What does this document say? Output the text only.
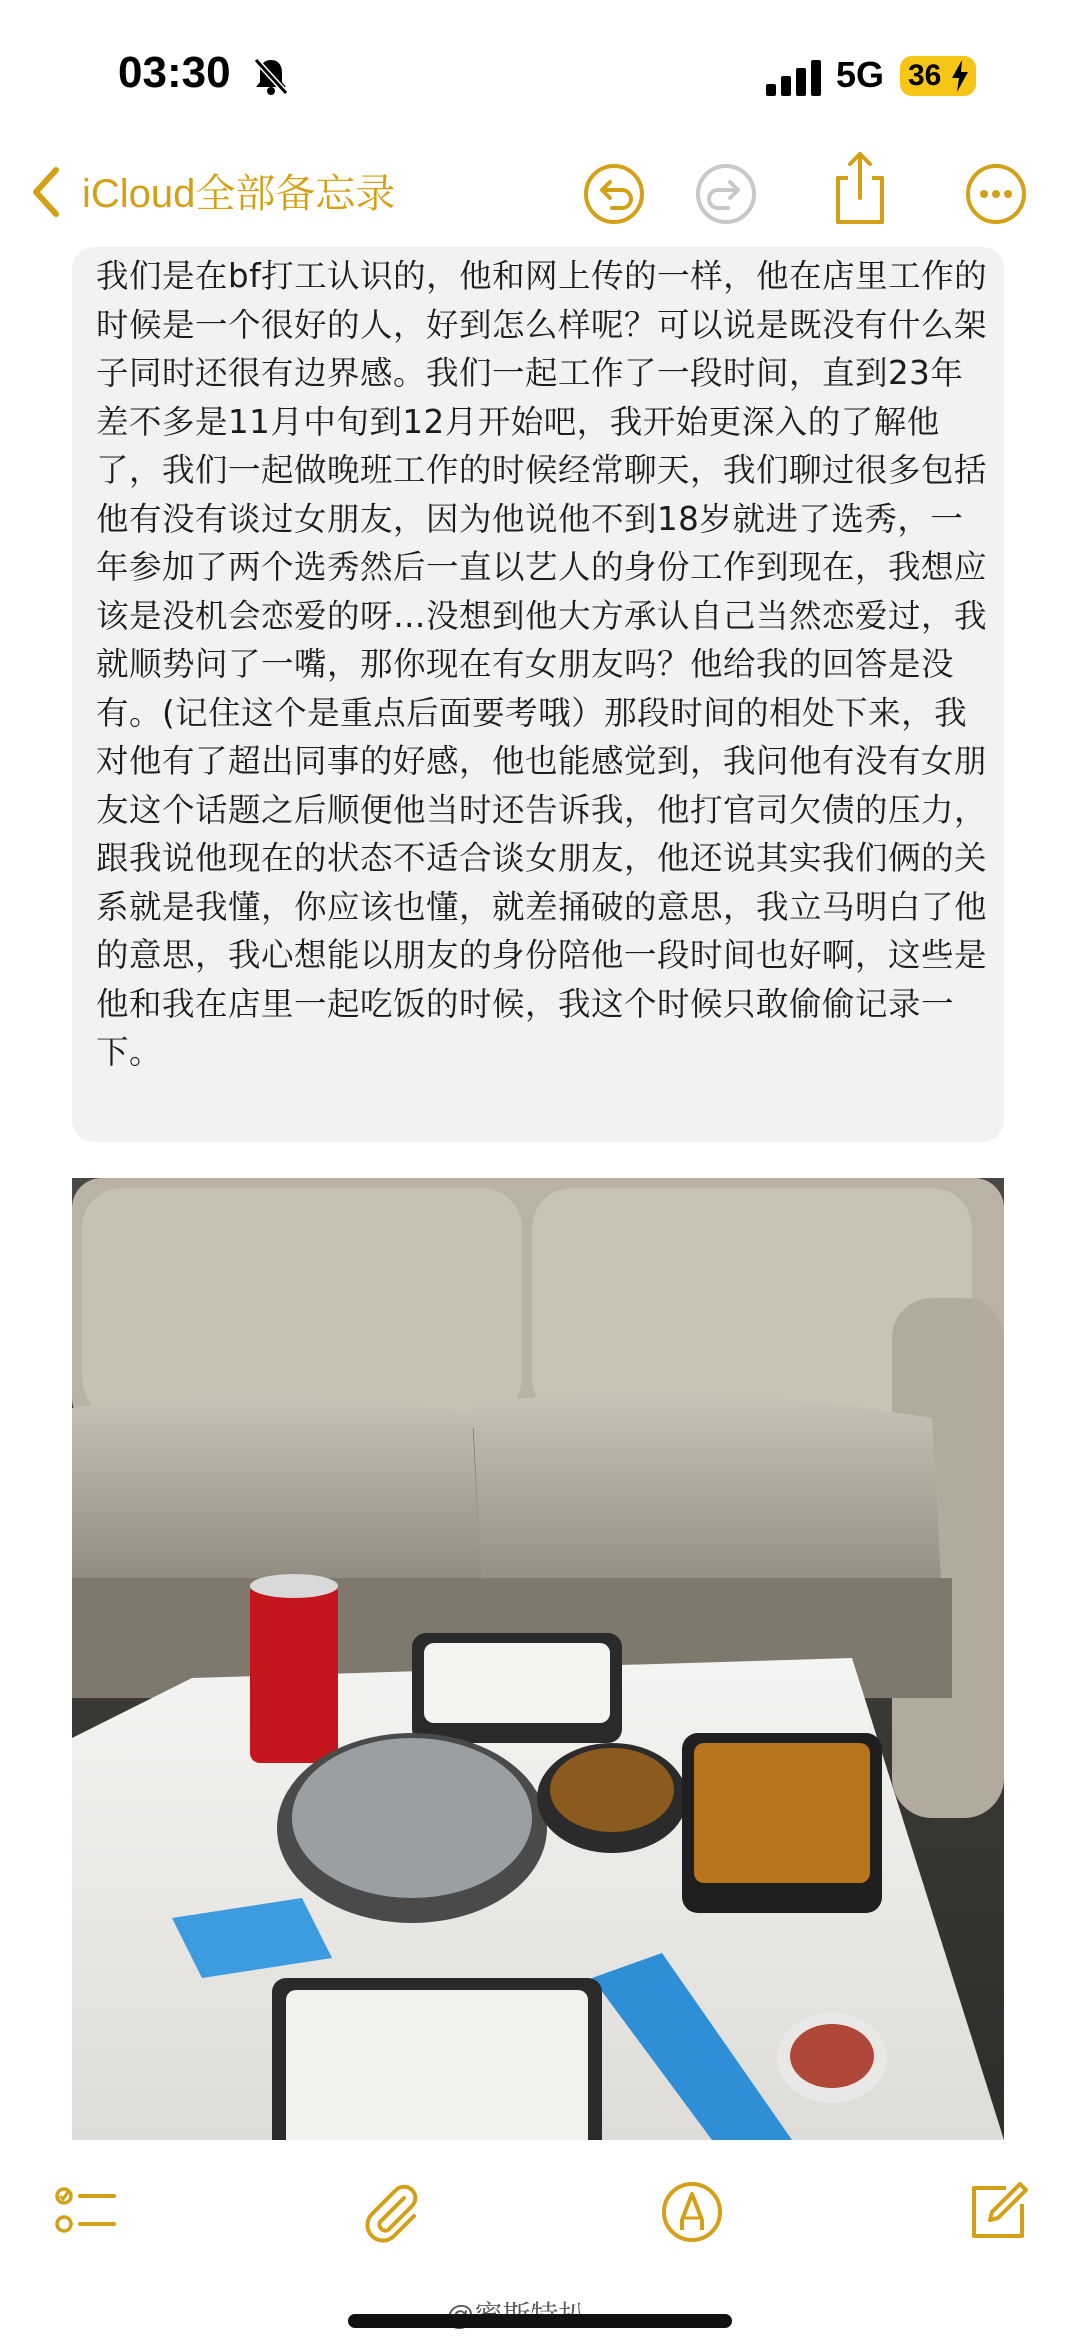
03:30	5G 36
iCloud全部备忘录
我们是在bf打工认识的，他和网上传的一样，他在店里工作的时候是一个很好的人，好到怎么样呢？可以说是既没有什么架子同时还很有边界感。我们一起工作了一段时间，直到23年差不多是11月中旬到12月开始吧，我开始更深入的了解他了，我们一起做晚班工作的时候经常聊天，我们聊过很多包括他有没有谈过女朋友，因为他说他不到18岁就进了选秀，一年参加了两个选秀然后一直以艺人的身份工作到现在，我想应该是没机会恋爱的呀…没想到他大方承认自己当然恋爱过，我就顺势问了一嘴，那你现在有女朋友吗？他给我的回答是没有。(记住这个是重点后面要考哦）那段时间的相处下来，我对他有了超出同事的好感，他也能感觉到，我问他有没有女朋友这个话题之后顺便他当时还告诉我，他打官司欠债的压力，跟我说他现在的状态不适合谈女朋友，他还说其实我们俩的关系就是我懂，你应该也懂，就差捅破的意思，我立马明白了他的意思，我心想能以朋友的身份陪他一段时间也好啊，这些是他和我在店里一起吃饭的时候，我这个时候只敢偷偷记录一下。
